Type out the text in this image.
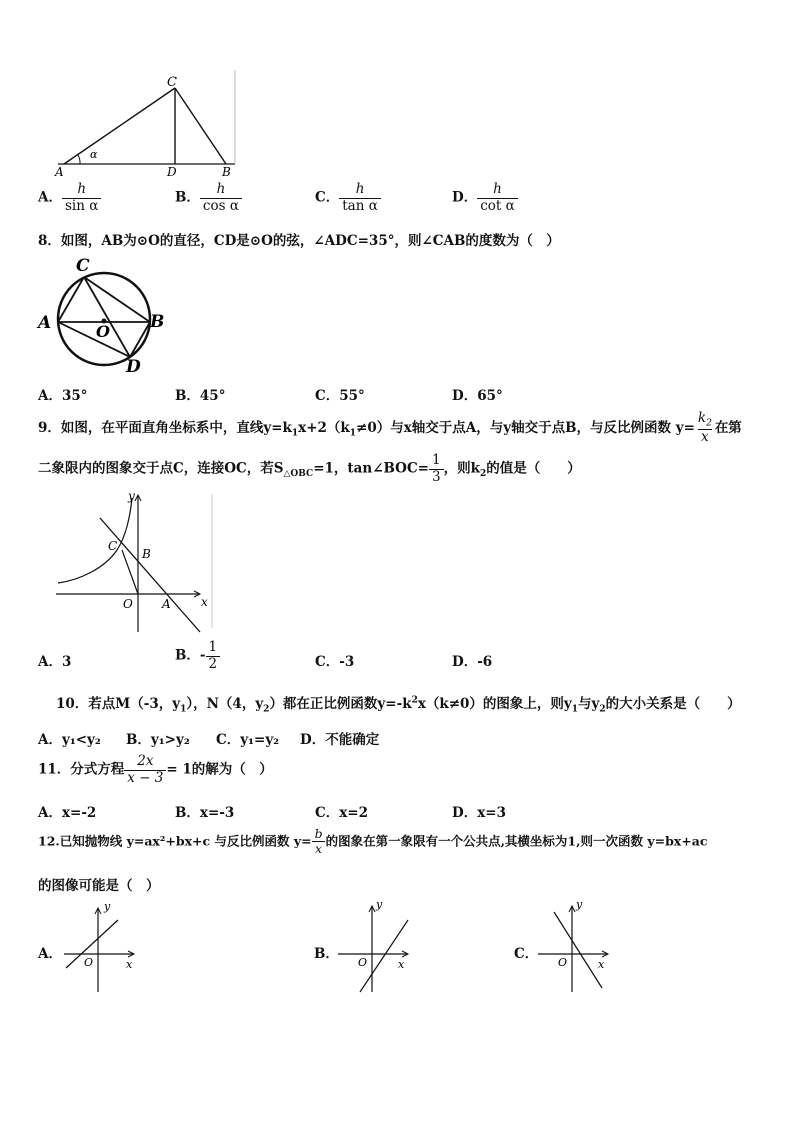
C
A	D	B
α
A． $\frac{h}{\text{sin α}}$	B． $\frac{h}{\text{cos α}}$	C． $\frac{h}{\text{tan α}}$	D． $\frac{h}{\text{cot α}}$
8．如图，AB为⊙O的直径，CD是⊙O的弦，∠ADC=35°，则∠CAB的度数为（　）
C
A	O B
D
A．35°	B．45°	C．55°	D．65°
9．如图，在平面直角坐标系中，直线$y=k_1x+2(k_1\ne 0)$与x轴交于点A，与y轴交于点B，与反比例函数 $y= \frac{k_2}{x}$ 在第
二象限内的图象交于点C，连接OC，若$S_{\triangle OBC}=1$，tan∠BOC= $\frac{1}{3}$ ，则$k_2$的值是（　　）
y
C
B
O A	x
A．3	B．- $\frac{1}{2}$	C．-3	D．-6
10．若点M（-3，$y_1$），N（4，$y_2$）都在正比例函数$y=-k^2x(k\ne 0)$的图象上，则$y_1$与$y_2$的大小关系是（　　）
A．y₁<y₂ B．y₁>y₂ C．y₁=y₂ D．不能确定
11．分式方程 $\frac{2x}{x - 3} = 1$的解为（　）
A．x=-2	B．x=-3	C．x=2	D．x=3
12.已知抛物线 y=ax²+bx+c 与反比例函数 $y= \frac{b}{x}$ 的图象在第一象限有一个公共点,其横坐标为1,则一次函数 y=bx+ac
的图像可能是（　）
A．
y
O	x
B．
y
O	x
C．
y
O	x
